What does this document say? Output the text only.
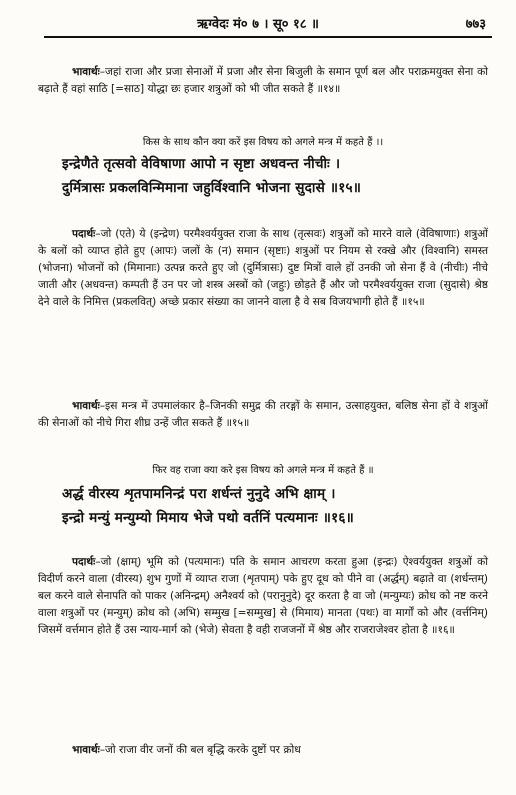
ऋग्वेदः मं० ७ । सू० १८ ॥	७७३

भावार्थः–जहां राजा और प्रजा सेनाओं में प्रजा और सेना बिजुली के समान पूर्ण बल और पराक्रमयुक्त सेना को बढ़ाते हैं वहां साठि [=साठ] योद्धा छः हजार शत्रुओं को भी जीत सकते हैं ॥१४॥

किस के साथ कौन क्या करें इस विषय को अगले मन्त्र में कहते हैं ।।

इन्द्रेणैते तृत्सवो वेविषाणा आपो न सृष्टा अधवन्त नीचीः ।

दुर्मित्रासः प्रकलविन्मिमाना जहुर्विश्वानि भोजना सुदासे ॥१५॥

पदार्थः–जो (एते) ये (इन्द्रेण) परमैश्वर्ययुक्त राजा के साथ (तृत्सवः) शत्रुओं को मारने वाले (वेविषाणाः) शत्रुओं के बलों को व्याप्त होते हुए (आपः) जलों के (न) समान (सृष्टाः) शत्रुओं पर नियम से रक्खे और (विश्वानि) समस्त (भोजना) भोजनों को (मिमानाः) उत्पन्न करते हुए जो (दुर्मित्रासः) दुष्ट मित्रों वाले हों उनकी जो सेना हैं वे (नीचीः) नीचे जाती और (अधवन्त) कम्पती हैं उन पर जो शस्त्र अस्त्रों को (जहुः) छोड़ते हैं और जो परमैश्वर्ययुक्त राजा (सुदासे) श्रेष्ठ देने वाले के निमित्त (प्रकलवित्) अच्छे प्रकार संख्या का जानने वाला है वे सब विजयभागी होते हैं ॥१५॥

भावार्थः–इस मन्त्र में उपमालंकार है–जिनकी समुद्र की तरङ्गों के समान, उत्साहयुक्त, बलिष्ठ सेना हों वे शत्रुओं की सेनाओं को नीचे गिरा शीघ्र उन्हें जीत सकते हैं ॥१५॥

फिर वह राजा क्या करे इस विषय को अगले मन्त्र में कहते हैं ॥

अर्द्ध वीरस्य शृतपामनिन्द्रं परा शर्धन्तं नुनुदे अभि क्षाम् ।

इन्द्रो मन्युं मन्युम्यो मिमाय भेजे पथो वर्तनिं पत्यमानः ॥१६॥

पदार्थः–जो (क्षाम्) भूमि को (पत्यमानः) पति के समान आचरण करता हुआ (इन्द्रः) ऐश्वर्ययुक्त शत्रुओं को विदीर्ण करने वाला (वीरस्य) शुभ गुणों में व्याप्त राजा (शृतपाम्) पके हुए दूध को पीने वा (अर्द्धम्) बढ़ाते वा (शर्धन्तम्) बल करने वाले सेनापति को पाकर (अनिन्द्रम्) अनैश्वर्य को (परानुनुदे) दूर करता है वा जो (मन्युम्यः) क्रोध को नष्ट करने वाला शत्रुओं पर (मन्युम्) क्रोध को (अभि) सम्मुख [=सम्मुख] से (मिमाय) मानता (पथः) वा मार्गों को और (वर्त्तनिम्) जिसमें वर्त्तमान होते हैं उस न्याय-मार्ग को (भेजे) सेवता है वही राजजनों में श्रेष्ठ और राजराजेश्वर होता है ॥१६॥

भावार्थः–जो राजा वीर जनों की बल बृद्धि करके दुष्टों पर क्रोध
